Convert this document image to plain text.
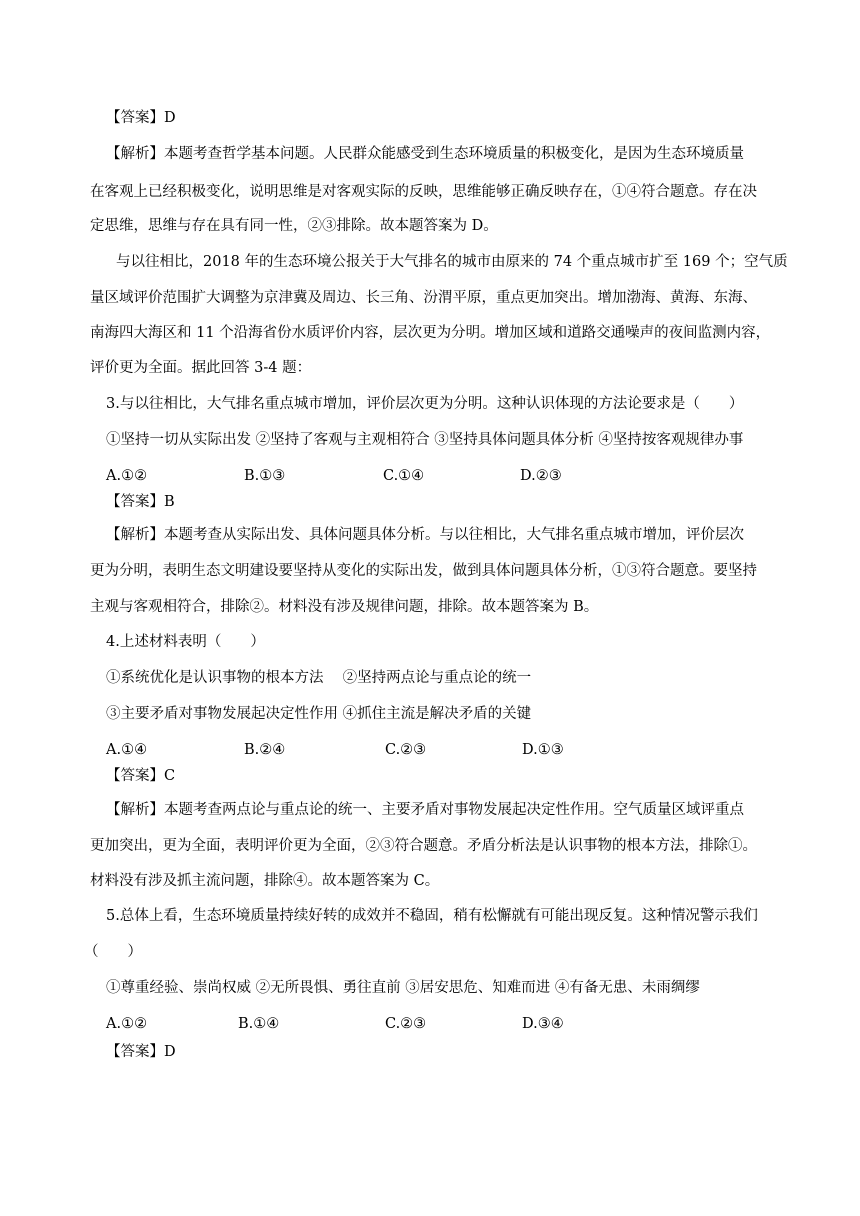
【答案】D
【解析】本题考查哲学基本问题。人民群众能感受到生态环境质量的积极变化，是因为生态环境质量
在客观上已经积极变化，说明思维是对客观实际的反映，思维能够正确反映存在，①④符合题意。存在决
定思维，思维与存在具有同一性，②③排除。故本题答案为 D。
与以往相比，2018 年的生态环境公报关于大气排名的城市由原来的 74 个重点城市扩至 169 个；空气质
量区域评价范围扩大调整为京津冀及周边、长三角、汾渭平原，重点更加突出。增加渤海、黄海、东海、
南海四大海区和 11 个沿海省份水质评价内容，层次更为分明。增加区域和道路交通噪声的夜间监测内容，
评价更为全面。据此回答 3-4 题：
3.与以往相比，大气排名重点城市增加，评价层次更为分明。这种认识体现的方法论要求是（　　）
①坚持一切从实际出发 ②坚持了客观与主观相符合 ③坚持具体问题具体分析 ④坚持按客观规律办事
A.①②	B.①③	C.①④	D.②③
【答案】B
【解析】本题考查从实际出发、具体问题具体分析。与以往相比，大气排名重点城市增加，评价层次
更为分明，表明生态文明建设要坚持从变化的实际出发，做到具体问题具体分析，①③符合题意。要坚持
主观与客观相符合，排除②。材料没有涉及规律问题，排除。故本题答案为 B。
4.上述材料表明（　　）
①系统优化是认识事物的根本方法　 ②坚持两点论与重点论的统一
③主要矛盾对事物发展起决定性作用 ④抓住主流是解决矛盾的关键
A.①④	B.②④	C.②③	D.①③
【答案】C
【解析】本题考查两点论与重点论的统一、主要矛盾对事物发展起决定性作用。空气质量区域评重点
更加突出，更为全面，表明评价更为全面，②③符合题意。矛盾分析法是认识事物的根本方法，排除①。
材料没有涉及抓主流问题，排除④。故本题答案为 C。
5.总体上看，生态环境质量持续好转的成效并不稳固，稍有松懈就有可能出现反复。这种情况警示我们
（　　）
①尊重经验、崇尚权威 ②无所畏惧、勇往直前 ③居安思危、知难而进 ④有备无患、未雨绸缪
A.①②	B.①④	C.②③	D.③④
【答案】D
